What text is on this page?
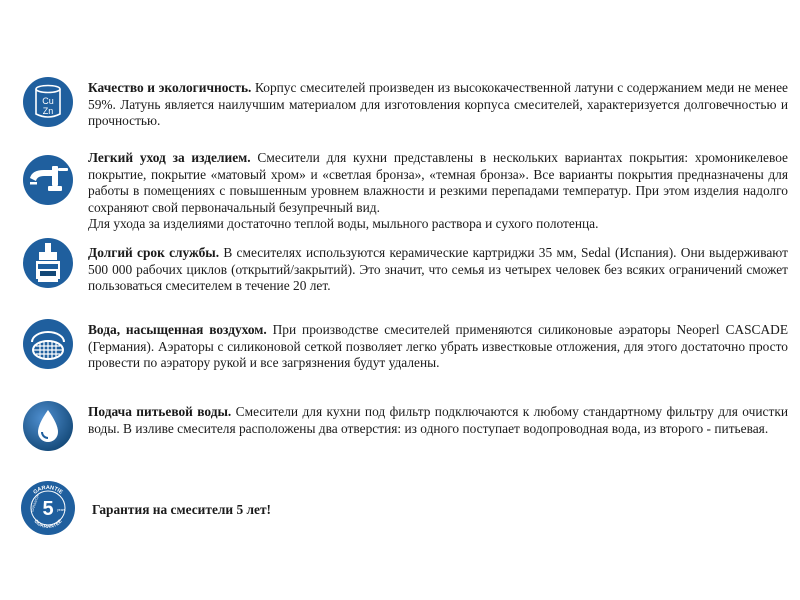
Cu
Zn

Качество и экологичность. Корпус смесителей произведен из высококачественной латуни с содержанием меди не менее 59%. Латунь является наилучшим материалом для изготовления корпуса смесителей, характеризуется долговечностью и прочностью.

Легкий уход за изделием. Смесители для кухни представлены в нескольких вариантах покрытия: хромоникелевое покрытие, покрытие «матовый хром» и «светлая бронза», «темная бронза». Все варианты покрытия предназначены для работы в помещениях с повышенным уровнем влажности и резкими перепадами температур. При этом изделия надолго сохраняют свой первоначальный безупречный вид.

Для ухода за изделиями достаточно теплой воды, мыльного раствора и сухого полотенца.

Долгий срок службы. В смесителях используются керамические картриджи 35 мм, Sedal (Испания). Они выдерживают 500 000 рабочих циклов (открытий/закрытий). Это значит, что семья из четырех человек без всяких ограничений сможет пользоваться смесителем в течение 20 лет.

Вода, насыщенная воздухом. При производстве смесителей применяются силиконовые аэраторы Neoperl CASCADE (Германия). Аэраторы с силиконовой сеткой позволяет легко убрать известковые отложения, для этого достаточно просто провести по аэратору рукой и все загрязнения будут удалены.

Подача питьевой воды. Смесители для кухни под фильтр подключаются к любому стандартному фильтру для очистки воды. В изливе смесителя расположены два отверстия: из одного поступает водопроводная вода, из второго - питьевая.

GARANTIE
GUARANTEE
5 years
GARANTÍA	Гарантия на смесители 5 лет!
